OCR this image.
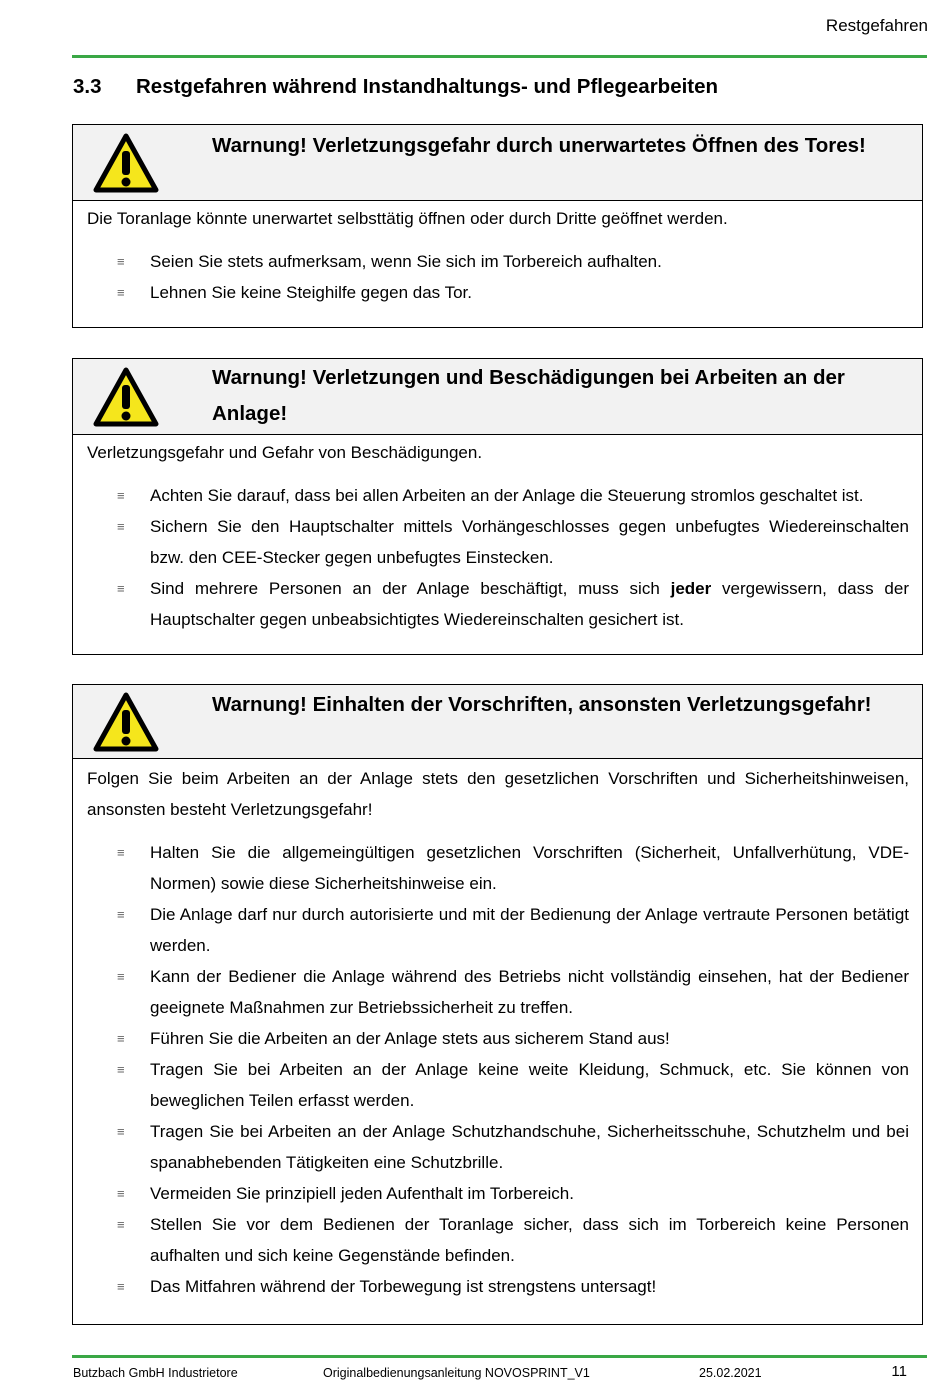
Restgefahren
3.3 Restgefahren während Instandhaltungs- und Pflegearbeiten
Warnung! Verletzungsgefahr durch unerwartetes Öffnen des Tores!

Die Toranlage könnte unerwartet selbsttätig öffnen oder durch Dritte geöffnet werden.

≡ Seien Sie stets aufmerksam, wenn Sie sich im Torbereich aufhalten.
≡ Lehnen Sie keine Steighilfe gegen das Tor.
Warnung! Verletzungen und Beschädigungen bei Arbeiten an der Anlage!

Verletzungsgefahr und Gefahr von Beschädigungen.

≡ Achten Sie darauf, dass bei allen Arbeiten an der Anlage die Steuerung stromlos geschaltet ist.
≡ Sichern Sie den Hauptschalter mittels Vorhängeschlosses gegen unbefugtes Wiedereinschalten bzw. den CEE-Stecker gegen unbefugtes Einstecken.
≡ Sind mehrere Personen an der Anlage beschäftigt, muss sich jeder vergewissern, dass der Hauptschalter gegen unbeabsichtigtes Wiedereinschalten gesichert ist.
Warnung! Einhalten der Vorschriften, ansonsten Verletzungsgefahr!

Folgen Sie beim Arbeiten an der Anlage stets den gesetzlichen Vorschriften und Sicherheitshinweisen, ansonsten besteht Verletzungsgefahr!

≡ Halten Sie die allgemeingültigen gesetzlichen Vorschriften (Sicherheit, Unfallverhütung, VDE-Normen) sowie diese Sicherheitshinweise ein.
≡ Die Anlage darf nur durch autorisierte und mit der Bedienung der Anlage vertraute Personen betätigt werden.
≡ Kann der Bediener die Anlage während des Betriebs nicht vollständig einsehen, hat der Bediener geeignete Maßnahmen zur Betriebssicherheit zu treffen.
≡ Führen Sie die Arbeiten an der Anlage stets aus sicherem Stand aus!
≡ Tragen Sie bei Arbeiten an der Anlage keine weite Kleidung, Schmuck, etc. Sie können von beweglichen Teilen erfasst werden.
≡ Tragen Sie bei Arbeiten an der Anlage Schutzhandschuhe, Sicherheitsschuhe, Schutzhelm und bei spanabhebenden Tätigkeiten eine Schutzbrille.
≡ Vermeiden Sie prinzipiell jeden Aufenthalt im Torbereich.
≡ Stellen Sie vor dem Bedienen der Toranlage sicher, dass sich im Torbereich keine Personen aufhalten und sich keine Gegenstände befinden.
≡ Das Mitfahren während der Torbewegung ist strengstens untersagt!
Butzbach GmbH Industrietore	Originalbedienungsanleitung NOVOSPRINT_V1	25.02.2021	11
